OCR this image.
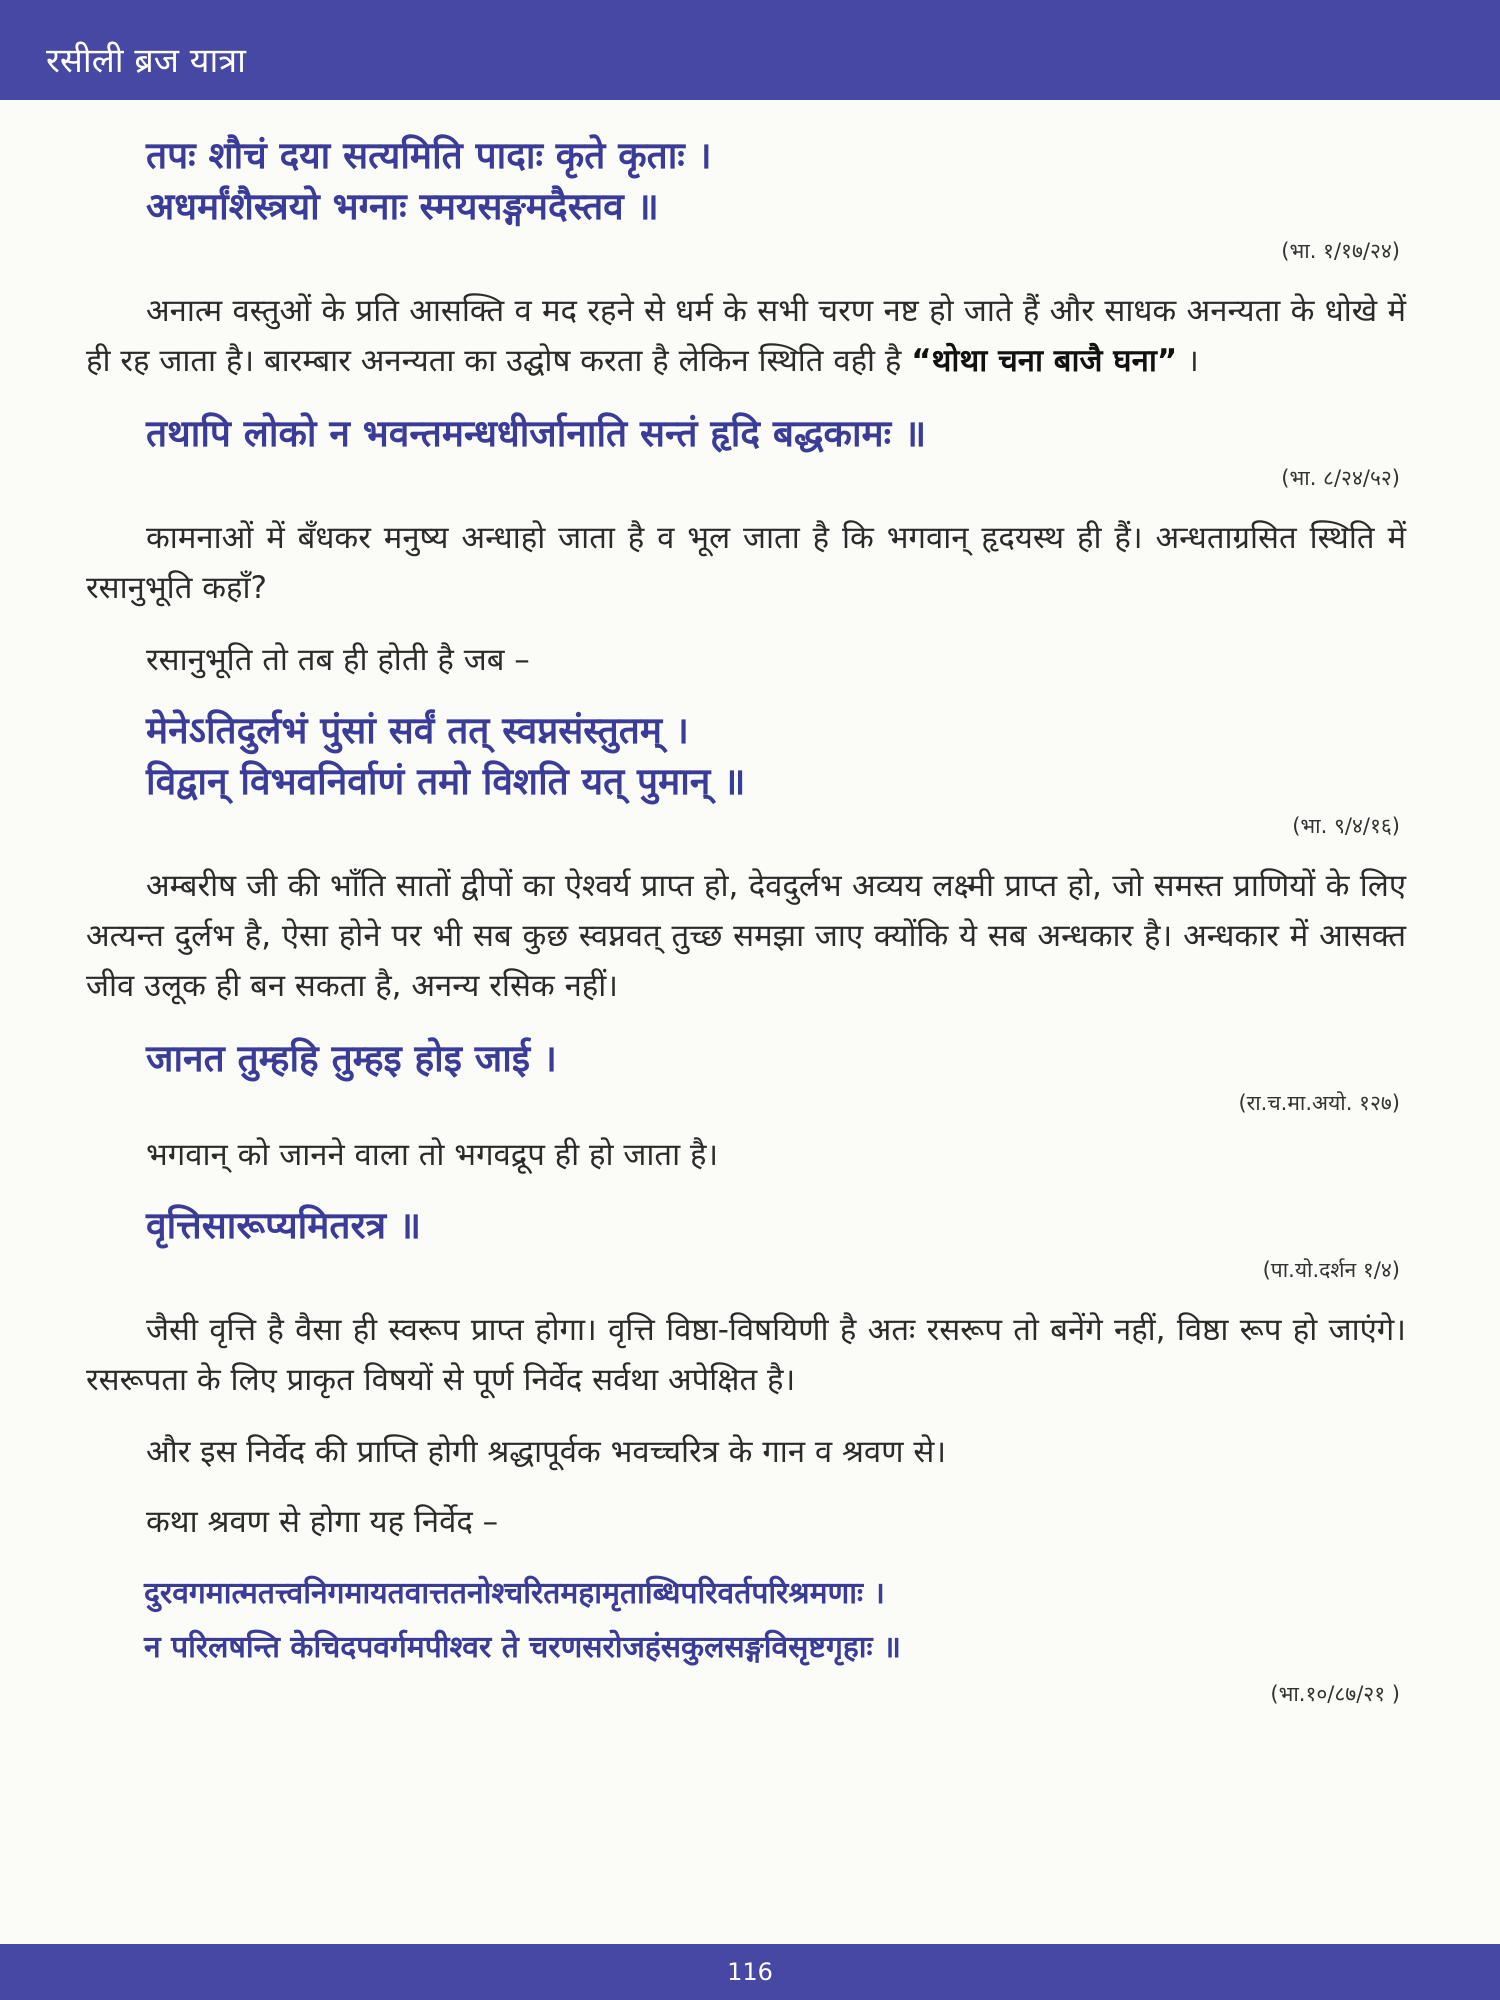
रसीली ब्रज यात्रा
तपः शौचं दया सत्यमिति पादाः कृते कृताः ।
अधर्मांशैस्त्रयो भग्नाः स्मयसङ्गमदैस्तव ॥
(भा. १/१७/२४)

अनात्म वस्तुओं के प्रति आसक्ति व मद रहने से धर्म के सभी चरण नष्ट हो जाते हैं और साधक अनन्यता के धोखे में ही रह जाता है। बारम्बार अनन्यता का उद्घोष करता है लेकिन स्थिति वही है “थोथा चना बाजै घना” ।

तथापि लोको न भवन्तमन्धधीर्जानाति सन्तं हृदि बद्धकामः ॥
(भा. ८/२४/५२)

कामनाओं में बँधकर मनुष्य अन्धाहो जाता है व भूल जाता है कि भगवान् हृदयस्थ ही हैं। अन्धताग्रसित स्थिति में रसानुभूति कहाँ?

रसानुभूति तो तब ही होती है जब –
मेनेऽतिदुर्लभं पुंसां सर्वं तत् स्वप्नसंस्तुतम् ।
विद्वान् विभवनिर्वाणं तमो विशति यत् पुमान् ॥
(भा. ९/४/१६)

अम्बरीष जी की भाँति सातों द्वीपों का ऐश्वर्य प्राप्त हो, देवदुर्लभ अव्यय लक्ष्मी प्राप्त हो, जो समस्त प्राणियों के लिए अत्यन्त दुर्लभ है, ऐसा होने पर भी सब कुछ स्वप्नवत् तुच्छ समझा जाए क्योंकि ये सब अन्धकार है। अन्धकार में आसक्त जीव उलूक ही बन सकता है, अनन्य रसिक नहीं।

जानत तुम्हहि तुम्हइ होइ जाई ।
(रा.च.मा.अयो. १२७)
भगवान् को जानने वाला तो भगवद्रूप ही हो जाता है।
वृत्तिसारूप्यमितरत्र ॥
(पा.यो.दर्शन १/४)

जैसी वृत्ति है वैसा ही स्वरूप प्राप्त होगा। वृत्ति विष्ठा-विषयिणी है अतः रसरूप तो बनेंगे नहीं, विष्ठा रूप हो जाएंगे। रसरूपता के लिए प्राकृत विषयों से पूर्ण निर्वेद सर्वथा अपेक्षित है।

और इस निर्वेद की प्राप्ति होगी श्रद्धापूर्वक भवच्चरित्र के गान व श्रवण से।
कथा श्रवण से होगा यह निर्वेद –
दुरवगमात्मतत्त्वनिगमायतवात्ततनोश्चरितमहामृताब्धिपरिवर्तपरिश्रमणाः ।
न परिलषन्ति केचिदपवर्गमपीश्वर ते चरणसरोजहंसकुलसङ्गविसृष्टगृहाः ॥
(भा.१०/८७/२१ )
116
